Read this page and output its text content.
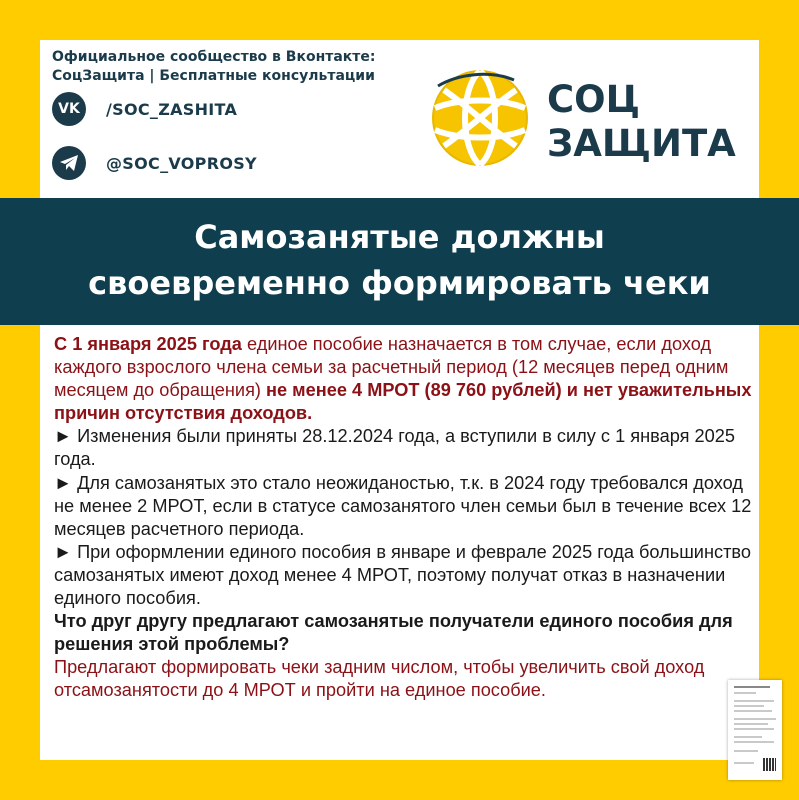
Официальное сообщество в Вконтакте:
СоцЗащита | Бесплатные консультации
VK	/SOC_ZASHITA
@SOC_VOPROSY
СОЦ
ЗАЩИТА
Самозанятые должны
своевременно формировать чеки

С 1 января 2025 года единое пособие назначается в том случае, если доход каждого взрослого члена семьи за расчетный период (12 месяцев перед одним месяцем до обращения) не менее 4 МРОТ (89 760 рублей) и нет уважительных причин отсутствия доходов.

► Изменения были приняты 28.12.2024 года, а вступили в силу с 1 января 2025 года.

► Для самозанятых это стало неожиданостью, т.к. в 2024 году требовался доход не менее 2 МРОТ, если в статусе самозанятого член семьи был в течение всех 12 месяцев расчетного периода.

► При оформлении единого пособия в январе и феврале 2025 года большинство самозанятых имеют доход менее 4 МРОТ, поэтому получат отказ в назначении единого пособия.

Что друг другу предлагают самозанятые получатели единого пособия для решения этой проблемы?

Предлагают формировать чеки задним числом, чтобы увеличить свой доход отсамозанятости до 4 МРОТ и пройти на единое пособие.
